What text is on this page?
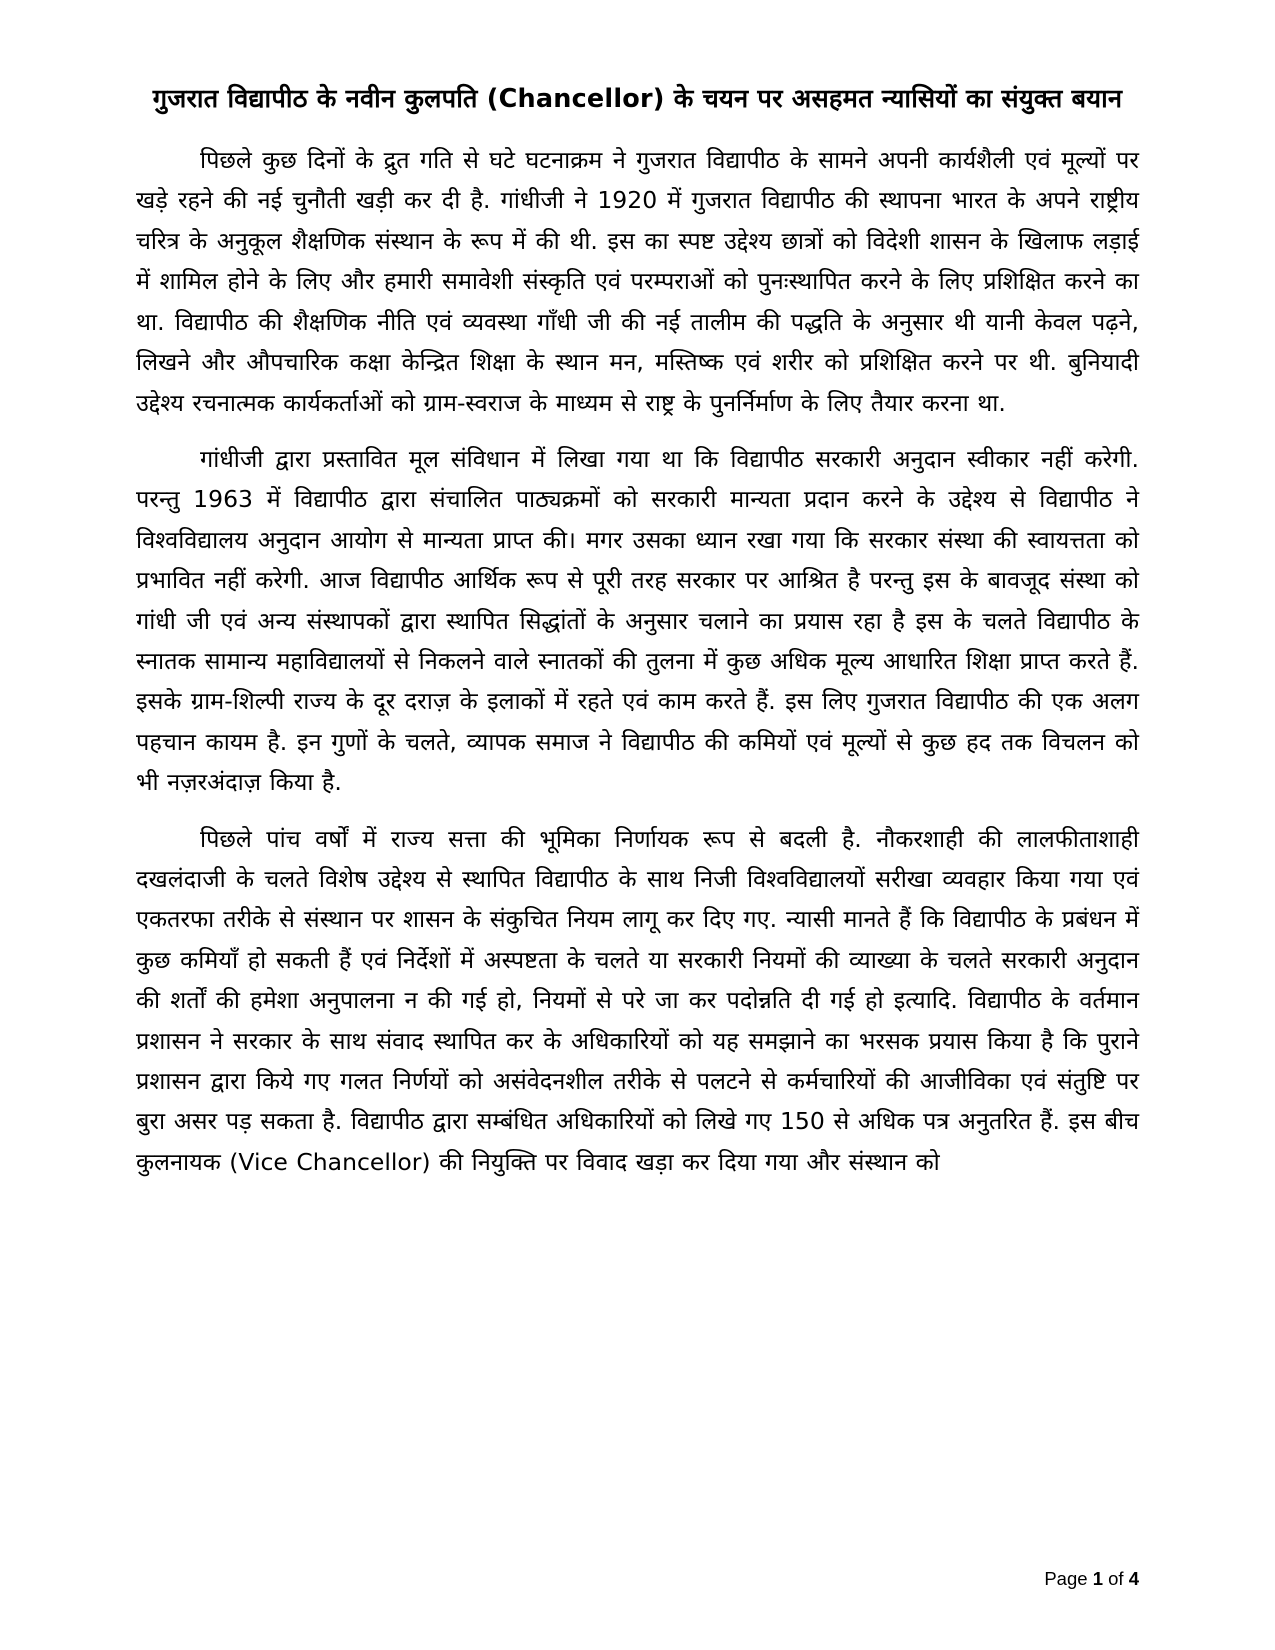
गुजरात विद्यापीठ के नवीन कुलपति (Chancellor) के चयन पर असहमत न्यासियों का संयुक्त बयान

पिछले कुछ दिनों के द्रुत गति से घटे घटनाक्रम ने गुजरात विद्यापीठ के सामने अपनी कार्यशैली एवं मूल्यों पर खड़े रहने की नई चुनौती खड़ी कर दी है. गांधीजी ने 1920 में गुजरात विद्यापीठ की स्थापना भारत के अपने राष्ट्रीय चरित्र के अनुकूल शैक्षणिक संस्थान के रूप में की थी. इस का स्पष्ट उद्देश्य छात्रों को विदेशी शासन के खिलाफ लड़ाई में शामिल होने के लिए और हमारी समावेशी संस्कृति एवं परम्पराओं को पुनःस्थापित करने के लिए प्रशिक्षित करने का था. विद्यापीठ की शैक्षणिक नीति एवं व्यवस्था गाँधी जी की नई तालीम की पद्धति के अनुसार थी यानी केवल पढ़ने, लिखने और औपचारिक कक्षा केन्द्रित शिक्षा के स्थान मन, मस्तिष्क एवं शरीर को प्रशिक्षित करने पर थी. बुनियादी उद्देश्य रचनात्मक कार्यकर्ताओं को ग्राम-स्वराज के माध्यम से राष्ट्र के पुनर्निर्माण के लिए तैयार करना था.

गांधीजी द्वारा प्रस्तावित मूल संविधान में लिखा गया था कि विद्यापीठ सरकारी अनुदान स्वीकार नहीं करेगी. परन्तु 1963 में विद्यापीठ द्वारा संचालित पाठ्यक्रमों को सरकारी मान्यता प्रदान करने के उद्देश्य से विद्यापीठ ने विश्वविद्यालय अनुदान आयोग से मान्यता प्राप्त की। मगर उसका ध्यान रखा गया कि सरकार संस्था की स्वायत्तता को प्रभावित नहीं करेगी. आज विद्यापीठ आर्थिक रूप से पूरी तरह सरकार पर आश्रित है परन्तु इस के बावजूद संस्था को गांधी जी एवं अन्य संस्थापकों द्वारा स्थापित सिद्धांतों के अनुसार चलाने का प्रयास रहा है इस के चलते विद्यापीठ के स्नातक सामान्य महाविद्यालयों से निकलने वाले स्नातकों की तुलना में कुछ अधिक मूल्य आधारित शिक्षा प्राप्त करते हैं. इसके ग्राम-शिल्पी राज्य के दूर दराज़ के इलाकों में रहते एवं काम करते हैं. इस लिए गुजरात विद्यापीठ की एक अलग पहचान कायम है. इन गुणों के चलते, व्यापक समाज ने विद्यापीठ की कमियों एवं मूल्यों से कुछ हद तक विचलन को भी नज़रअंदाज़ किया है.

पिछले पांच वर्षों में राज्य सत्ता की भूमिका निर्णायक रूप से बदली है. नौकरशाही की लालफीताशाही दखलंदाजी के चलते विशेष उद्देश्य से स्थापित विद्यापीठ के साथ निजी विश्वविद्यालयों सरीखा व्यवहार किया गया एवं एकतरफा तरीके से संस्थान पर शासन के संकुचित नियम लागू कर दिए गए. न्यासी मानते हैं कि विद्यापीठ के प्रबंधन में कुछ कमियाँ हो सकती हैं एवं निर्देशों में अस्पष्टता के चलते या सरकारी नियमों की व्याख्या के चलते सरकारी अनुदान की शर्तों की हमेशा अनुपालना न की गई हो, नियमों से परे जा कर पदोन्नति दी गई हो इत्यादि. विद्यापीठ के वर्तमान प्रशासन ने सरकार के साथ संवाद स्थापित कर के अधिकारियों को यह समझाने का भरसक प्रयास किया है कि पुराने प्रशासन द्वारा किये गए गलत निर्णयों को असंवेदनशील तरीके से पलटने से कर्मचारियों की आजीविका एवं संतुष्टि पर बुरा असर पड़ सकता है. विद्यापीठ द्वारा सम्बंधित अधिकारियों को लिखे गए 150 से अधिक पत्र अनुतरित हैं. इस बीच कुलनायक (Vice Chancellor) की नियुक्ति पर विवाद खड़ा कर दिया गया और संस्थान को

Page 1 of 4
